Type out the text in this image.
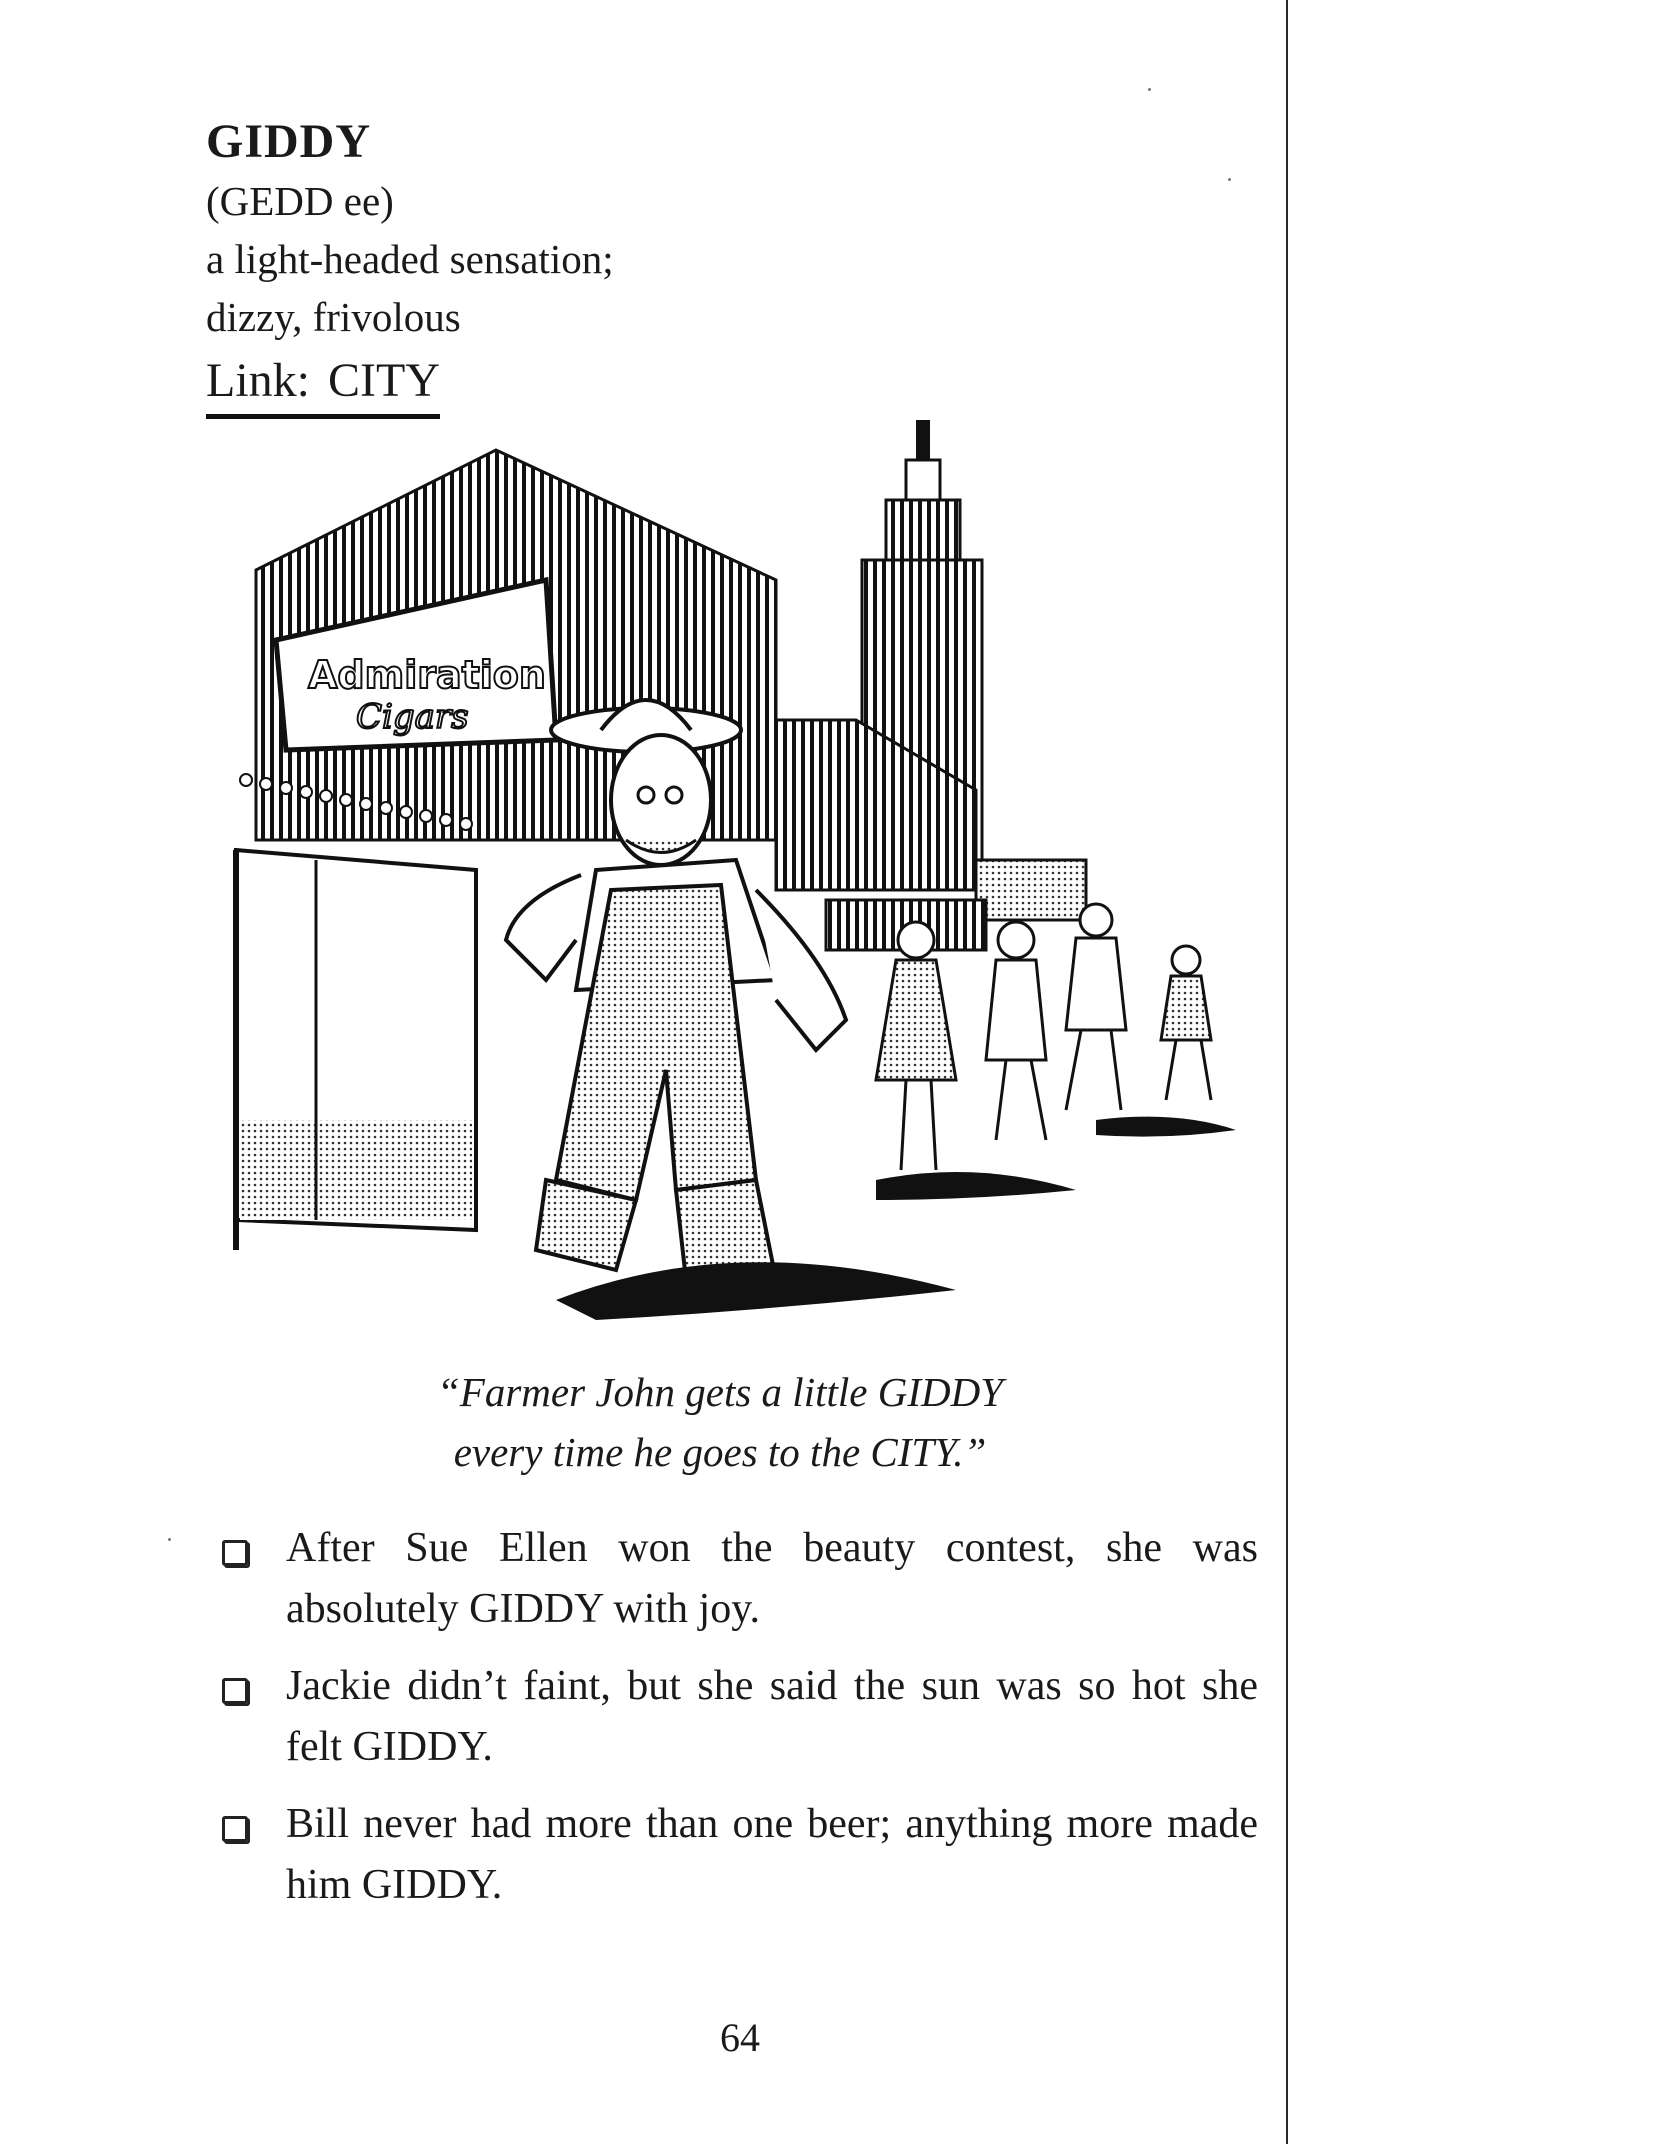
GIDDY
(GEDD ee)
a light-headed sensation;
dizzy, frivolous
Link: CITY
Admiration
Cigars
“Farmer John gets a little GIDDY
every time he goes to the CITY.”
After Sue Ellen won the beauty contest, she was absolutely GIDDY with joy.
Jackie didn’t faint, but she said the sun was so hot she felt GIDDY.
Bill never had more than one beer; anything more made him GIDDY.
64
